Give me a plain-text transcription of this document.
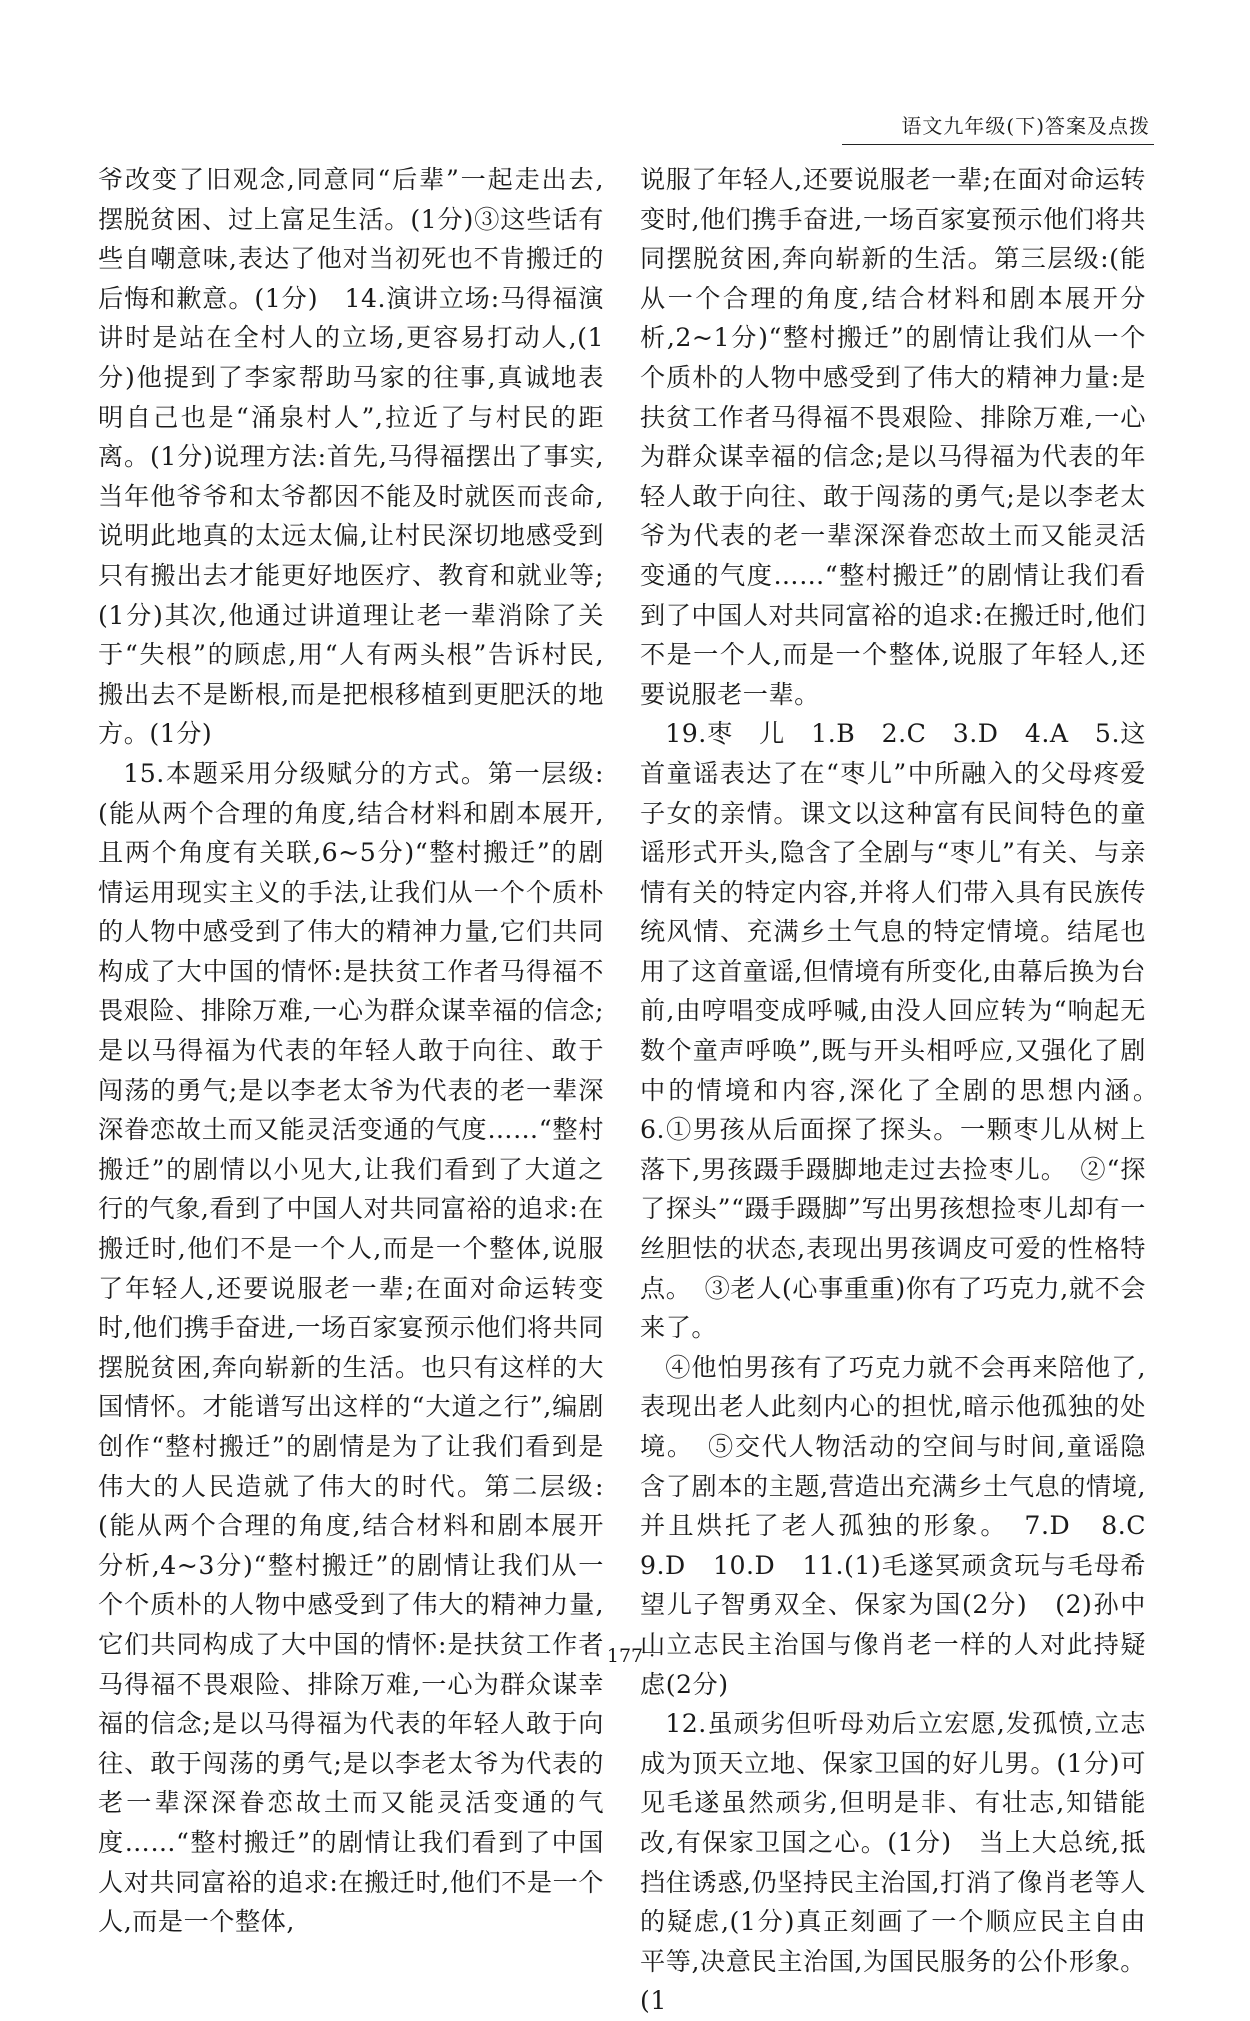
语文九年级(下)答案及点拨

爷改变了旧观念,同意同“后辈”一起走出去,摆脱贫困、过上富足生活。(1分)③这些话有些自嘲意味,表达了他对当初死也不肯搬迁的后悔和歉意。(1分)　14.演讲立场:马得福演讲时是站在全村人的立场,更容易打动人,(1分)他提到了李家帮助马家的往事,真诚地表明自己也是“涌泉村人”,拉近了与村民的距离。(1分)说理方法:首先,马得福摆出了事实,当年他爷爷和太爷都因不能及时就医而丧命,说明此地真的太远太偏,让村民深切地感受到只有搬出去才能更好地医疗、教育和就业等;(1分)其次,他通过讲道理让老一辈消除了关于“失根”的顾虑,用“人有两头根”告诉村民,搬出去不是断根,而是把根移植到更肥沃的地方。(1分)

15.本题采用分级赋分的方式。第一层级:(能从两个合理的角度,结合材料和剧本展开,且两个角度有关联,6~5分)“整村搬迁”的剧情运用现实主义的手法,让我们从一个个质朴的人物中感受到了伟大的精神力量,它们共同构成了大中国的情怀:是扶贫工作者马得福不畏艰险、排除万难,一心为群众谋幸福的信念;是以马得福为代表的年轻人敢于向往、敢于闯荡的勇气;是以李老太爷为代表的老一辈深深眷恋故土而又能灵活变通的气度……“整村搬迁”的剧情以小见大,让我们看到了大道之行的气象,看到了中国人对共同富裕的追求:在搬迁时,他们不是一个人,而是一个整体,说服了年轻人,还要说服老一辈;在面对命运转变时,他们携手奋进,一场百家宴预示他们将共同摆脱贫困,奔向崭新的生活。也只有这样的大国情怀。才能谱写出这样的“大道之行”,编剧创作“整村搬迁”的剧情是为了让我们看到是伟大的人民造就了伟大的时代。第二层级:(能从两个合理的角度,结合材料和剧本展开分析,4~3分)“整村搬迁”的剧情让我们从一个个质朴的人物中感受到了伟大的精神力量,它们共同构成了大中国的情怀:是扶贫工作者马得福不畏艰险、排除万难,一心为群众谋幸福的信念;是以马得福为代表的年轻人敢于向往、敢于闯荡的勇气;是以李老太爷为代表的老一辈深深眷恋故土而又能灵活变通的气度……“整村搬迁”的剧情让我们看到了中国人对共同富裕的追求:在搬迁时,他们不是一个人,而是一个整体,

说服了年轻人,还要说服老一辈;在面对命运转变时,他们携手奋进,一场百家宴预示他们将共同摆脱贫困,奔向崭新的生活。第三层级:(能从一个合理的角度,结合材料和剧本展开分析,2~1分)“整村搬迁”的剧情让我们从一个个质朴的人物中感受到了伟大的精神力量:是扶贫工作者马得福不畏艰险、排除万难,一心为群众谋幸福的信念;是以马得福为代表的年轻人敢于向往、敢于闯荡的勇气;是以李老太爷为代表的老一辈深深眷恋故土而又能灵活变通的气度……“整村搬迁”的剧情让我们看到了中国人对共同富裕的追求:在搬迁时,他们不是一个人,而是一个整体,说服了年轻人,还要说服老一辈。

19.枣　儿　1.B　2.C　3.D　4.A　5.这首童谣表达了在“枣儿”中所融入的父母疼爱子女的亲情。课文以这种富有民间特色的童谣形式开头,隐含了全剧与“枣儿”有关、与亲情有关的特定内容,并将人们带入具有民族传统风情、充满乡土气息的特定情境。结尾也用了这首童谣,但情境有所变化,由幕后换为台前,由哼唱变成呼喊,由没人回应转为“响起无数个童声呼唤”,既与开头相呼应,又强化了剧中的情境和内容,深化了全剧的思想内涵。　6.①男孩从后面探了探头。一颗枣儿从树上落下,男孩蹑手蹑脚地走过去捡枣儿。　②“探了探头”“蹑手蹑脚”写出男孩想捡枣儿却有一丝胆怯的状态,表现出男孩调皮可爱的性格特点。　③老人(心事重重)你有了巧克力,就不会来了。

④他怕男孩有了巧克力就不会再来陪他了,表现出老人此刻内心的担忧,暗示他孤独的处境。　⑤交代人物活动的空间与时间,童谣隐含了剧本的主题,营造出充满乡土气息的情境,并且烘托了老人孤独的形象。　7.D　8.C　9.D　10.D　11.(1)毛遂冥顽贪玩与毛母希望儿子智勇双全、保家为国(2分)　(2)孙中山立志民主治国与像肖老一样的人对此持疑虑(2分)

12.虽顽劣但听母劝后立宏愿,发孤愤,立志成为顶天立地、保家卫国的好儿男。(1分)可见毛遂虽然顽劣,但明是非、有壮志,知错能改,有保家卫国之心。(1分)　当上大总统,抵挡住诱惑,仍坚持民主治国,打消了像肖老等人的疑虑,(1分)真正刻画了一个顺应民主自由平等,决意民主治国,为国民服务的公仆形象。(1

· 177 ·
